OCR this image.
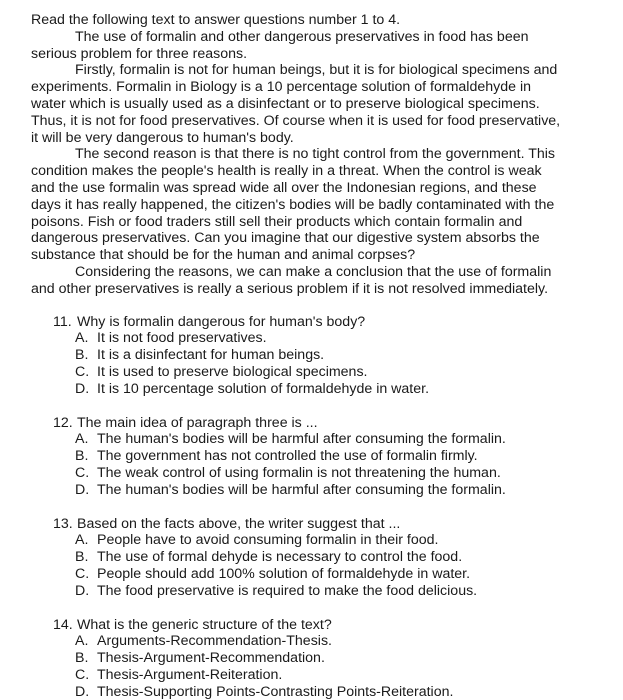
Read the following text to answer questions number 1 to 4.

The use of formalin and other dangerous preservatives in food has been
serious problem for three reasons.

Firstly, formalin is not for human beings, but it is for biological specimens and
experiments. Formalin in Biology is a 10 percentage solution of formaldehyde in
water which is usually used as a disinfectant or to preserve biological specimens.
Thus, it is not for food preservatives. Of course when it is used for food preservative,
it will be very dangerous to human's body.

The second reason is that there is no tight control from the government. This
condition makes the people's health is really in a threat. When the control is weak
and the use formalin was spread wide all over the Indonesian regions, and these
days it has really happened, the citizen's bodies will be badly contaminated with the
poisons. Fish or food traders still sell their products which contain formalin and
dangerous preservatives. Can you imagine that our digestive system absorbs the
substance that should be for the human and animal corpses?

Considering the reasons, we can make a conclusion that the use of formalin
and other preservatives is really a serious problem if it is not resolved immediately.

11. Why is formalin dangerous for human's body?
A. It is not food preservatives.
B. It is a disinfectant for human beings.
C. It is used to preserve biological specimens.
D. It is 10 percentage solution of formaldehyde in water.
12. The main idea of paragraph three is ...
A. The human's bodies will be harmful after consuming the formalin.
B. The government has not controlled the use of formalin firmly.
C. The weak control of using formalin is not threatening the human.
D. The human's bodies will be harmful after consuming the formalin.
13. Based on the facts above, the writer suggest that ...
A. People have to avoid consuming formalin in their food.
B. The use of formal dehyde is necessary to control the food.
C. People should add 100% solution of formaldehyde in water.
D. The food preservative is required to make the food delicious.
14. What is the generic structure of the text?
A. Arguments-Recommendation-Thesis.
B. Thesis-Argument-Recommendation.
C. Thesis-Argument-Reiteration.
D. Thesis-Supporting Points-Contrasting Points-Reiteration.
